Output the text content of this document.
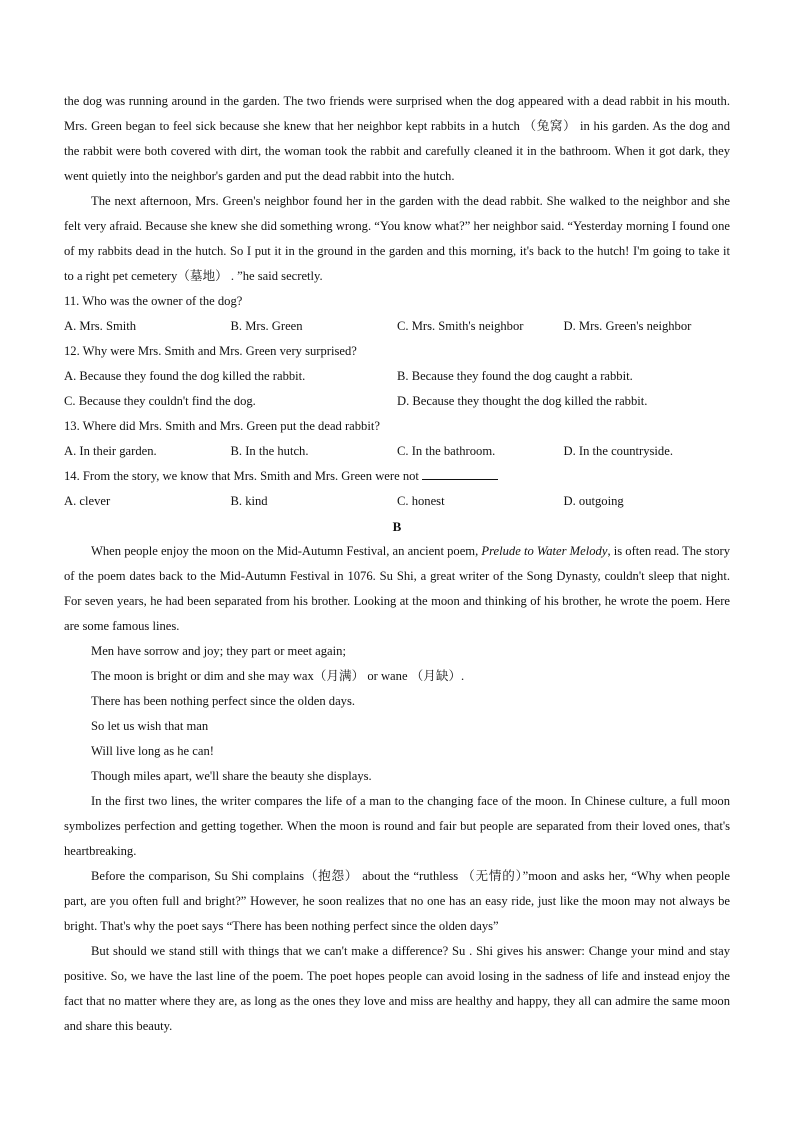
the dog was running around in the garden. The two friends were surprised when the dog appeared with a dead rabbit in his mouth. Mrs. Green began to feel sick because she knew that her neighbor kept rabbits in a hutch （兔窝） in his garden. As the dog and the rabbit were both covered with dirt, the woman took the rabbit and carefully cleaned it in the bathroom. When it got dark, they went quietly into the neighbor's garden and put the dead rabbit into the hutch.

The next afternoon, Mrs. Green's neighbor found her in the garden with the dead rabbit. She walked to the neighbor and she felt very afraid. Because she knew she did something wrong. “You know what?” her neighbor said. “Yesterday morning I found one of my rabbits dead in the hutch. So I put it in the ground in the garden and this morning, it's back to the hutch! I'm going to take it to a right pet cemetery（墓地） . ”he said secretly.

11. Who was the owner of the dog?

A. Mrs. Smith	B. Mrs. Green	C. Mrs. Smith's neighbor	D. Mrs. Green's neighbor

12. Why were Mrs. Smith and Mrs. Green very surprised?

A. Because they found the dog killed the rabbit.	B. Because they found the dog caught a rabbit.
C. Because they couldn't find the dog.	D. Because they thought the dog killed the rabbit.

13. Where did Mrs. Smith and Mrs. Green put the dead rabbit?

A. In their garden.	B. In the hutch.	C. In the bathroom.	D. In the countryside.

14. From the story, we know that Mrs. Smith and Mrs. Green were not

A. clever	B. kind	C. honest	D. outgoing

B

When people enjoy the moon on the Mid-Autumn Festival, an ancient poem, Prelude to Water Melody, is often read. The story of the poem dates back to the Mid-Autumn Festival in 1076. Su Shi, a great writer of the Song Dynasty, couldn't sleep that night. For seven years, he had been separated from his brother. Looking at the moon and thinking of his brother, he wrote the poem. Here are some famous lines.

Men have sorrow and joy; they part or meet again;

The moon is bright or dim and she may wax（月满） or wane （月缺）.

There has been nothing perfect since the olden days.

So let us wish that man

Will live long as he can!

Though miles apart, we'll share the beauty she displays.

In the first two lines, the writer compares the life of a man to the changing face of the moon. In Chinese culture, a full moon symbolizes perfection and getting together. When the moon is round and fair but people are separated from their loved ones, that's heartbreaking.

Before the comparison, Su Shi complains（抱怨） about the “ruthless （无情的）”moon and asks her, “Why when people part, are you often full and bright?” However, he soon realizes that no one has an easy ride, just like the moon may not always be bright. That's why the poet says “There has been nothing perfect since the olden days”

But should we stand still with things that we can't make a difference? Su . Shi gives his answer: Change your mind and stay positive. So, we have the last line of the poem. The poet hopes people can avoid losing in the sadness of life and instead enjoy the fact that no matter where they are, as long as the ones they love and miss are healthy and happy, they all can admire the same moon and share this beauty.
